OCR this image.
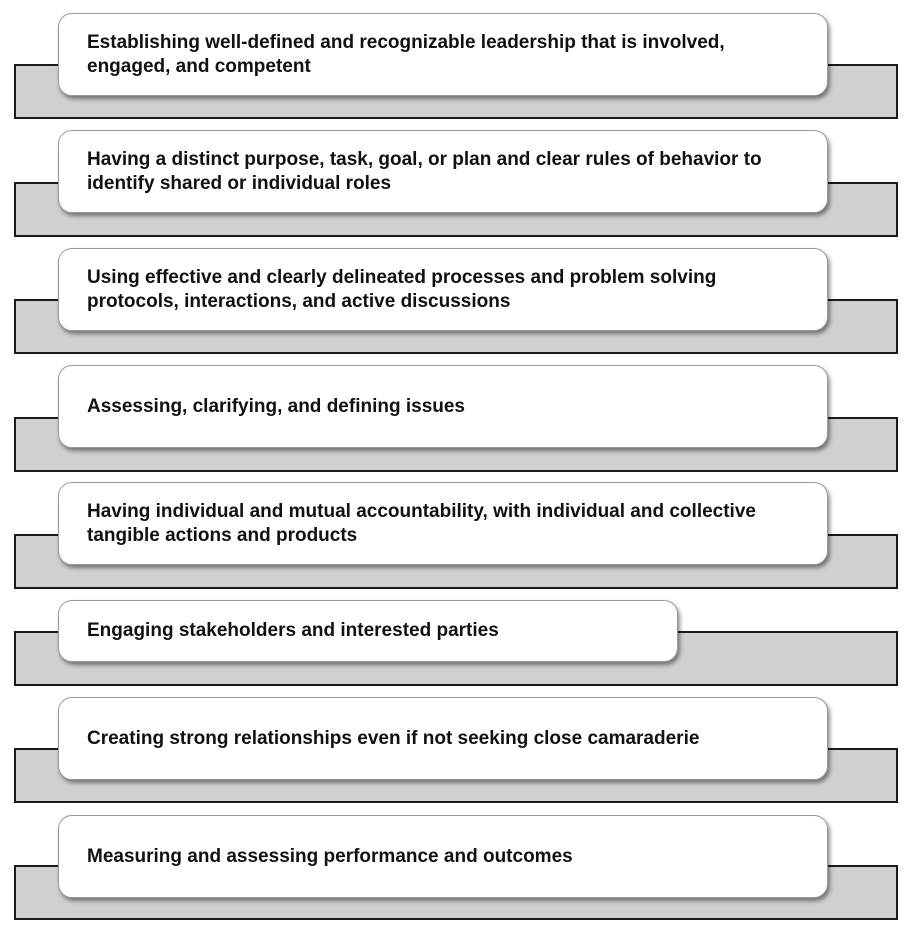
Establishing well-defined and recognizable leadership that is involved, engaged, and competent
Having a distinct purpose, task, goal, or plan and clear rules of behavior to identify shared or individual roles
Using effective and clearly delineated processes and problem solving protocols, interactions, and active discussions
Assessing, clarifying, and defining issues
Having individual and mutual accountability, with individual and collective tangible actions and products
Engaging stakeholders and interested parties
Creating strong relationships even if not seeking close camaraderie
Measuring and assessing performance and outcomes
